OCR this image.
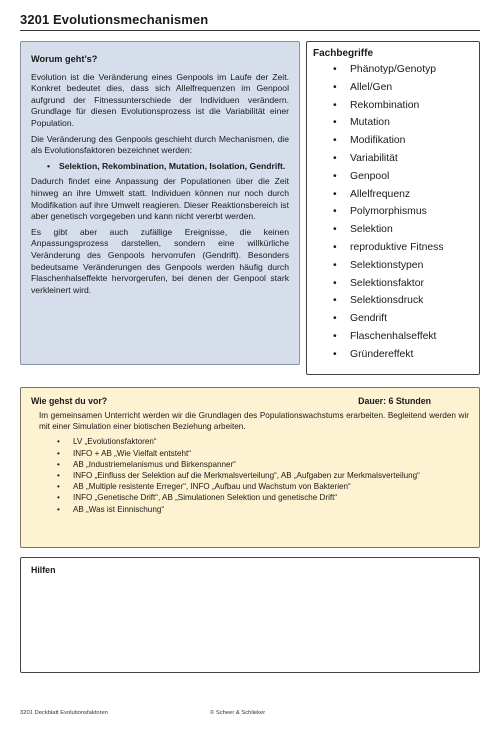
3201 Evolutionsmechanismen
Worum geht’s?

Evolution ist die Veränderung eines Genpools im Laufe der Zeit. Konkret bedeutet dies, dass sich Allelfrequenzen im Genpool aufgrund der Fitnessunterschiede der Individuen verändern. Grundlage für diesen Evolutionsprozess ist die Variabilität einer Population.

Die Veränderung des Genpools geschieht durch Mechanismen, die als Evolutionsfaktoren bezeichnet werden:

• Selektion, Rekombination, Mutation, Isolation, Gendrift.

Dadurch findet eine Anpassung der Populationen über die Zeit hinweg an ihre Umwelt statt. Individuen können nur noch durch Modifikation auf ihre Umwelt reagieren. Dieser Reaktionsbereich ist aber genetisch vorgegeben und kann nicht vererbt werden.

Es gibt aber auch zufällige Ereignisse, die keinen Anpassungsprozess darstellen, sondern eine willkürliche Veränderung des Genpools hervorrufen (Gendrift). Besonders bedeutsame Veränderungen des Genpools werden häufig durch Flaschenhalseffekte hervorgerufen, bei denen der Genpool stark verkleinert wird.

Fachbegriffe
• Phänotyp/Genotyp
• Allel/Gen
• Rekombination
• Mutation
• Modifikation
• Variabilität
• Genpool
• Allelfrequenz
• Polymorphismus
• Selektion
• reproduktive Fitness
• Selektionstypen
• Selektionsfaktor
• Selektionsdruck
• Gendrift
• Flaschenhalseffekt
• Gründereffekt
Wie gehst du vor?	Dauer: 6 Stunden

Im gemeinsamen Unterricht werden wir die Grundlagen des Populationswachstums erarbeiten. Begleitend werden wir mit einer Simulation einer biotischen Beziehung arbeiten.

• LV „Evolutionsfaktoren“
• INFO + AB „Wie Vielfalt entsteht“
• AB „Industriemelanismus und Birkenspanner“
• INFO „Einfluss der Selektion auf die Merkmalsverteilung“, AB „Aufgaben zur Merkmalsverteilung“
• AB „Multiple resistente Erreger“, INFO „Aufbau und Wachstum von Bakterien“
• INFO „Genetische Drift“, AB „Simulationen Selektion und genetische Drift“
• AB „Was ist Einnischung“
Hilfen
3201 Deckblatt Evolutionsfaktoren	© Scheer & Schlieker
